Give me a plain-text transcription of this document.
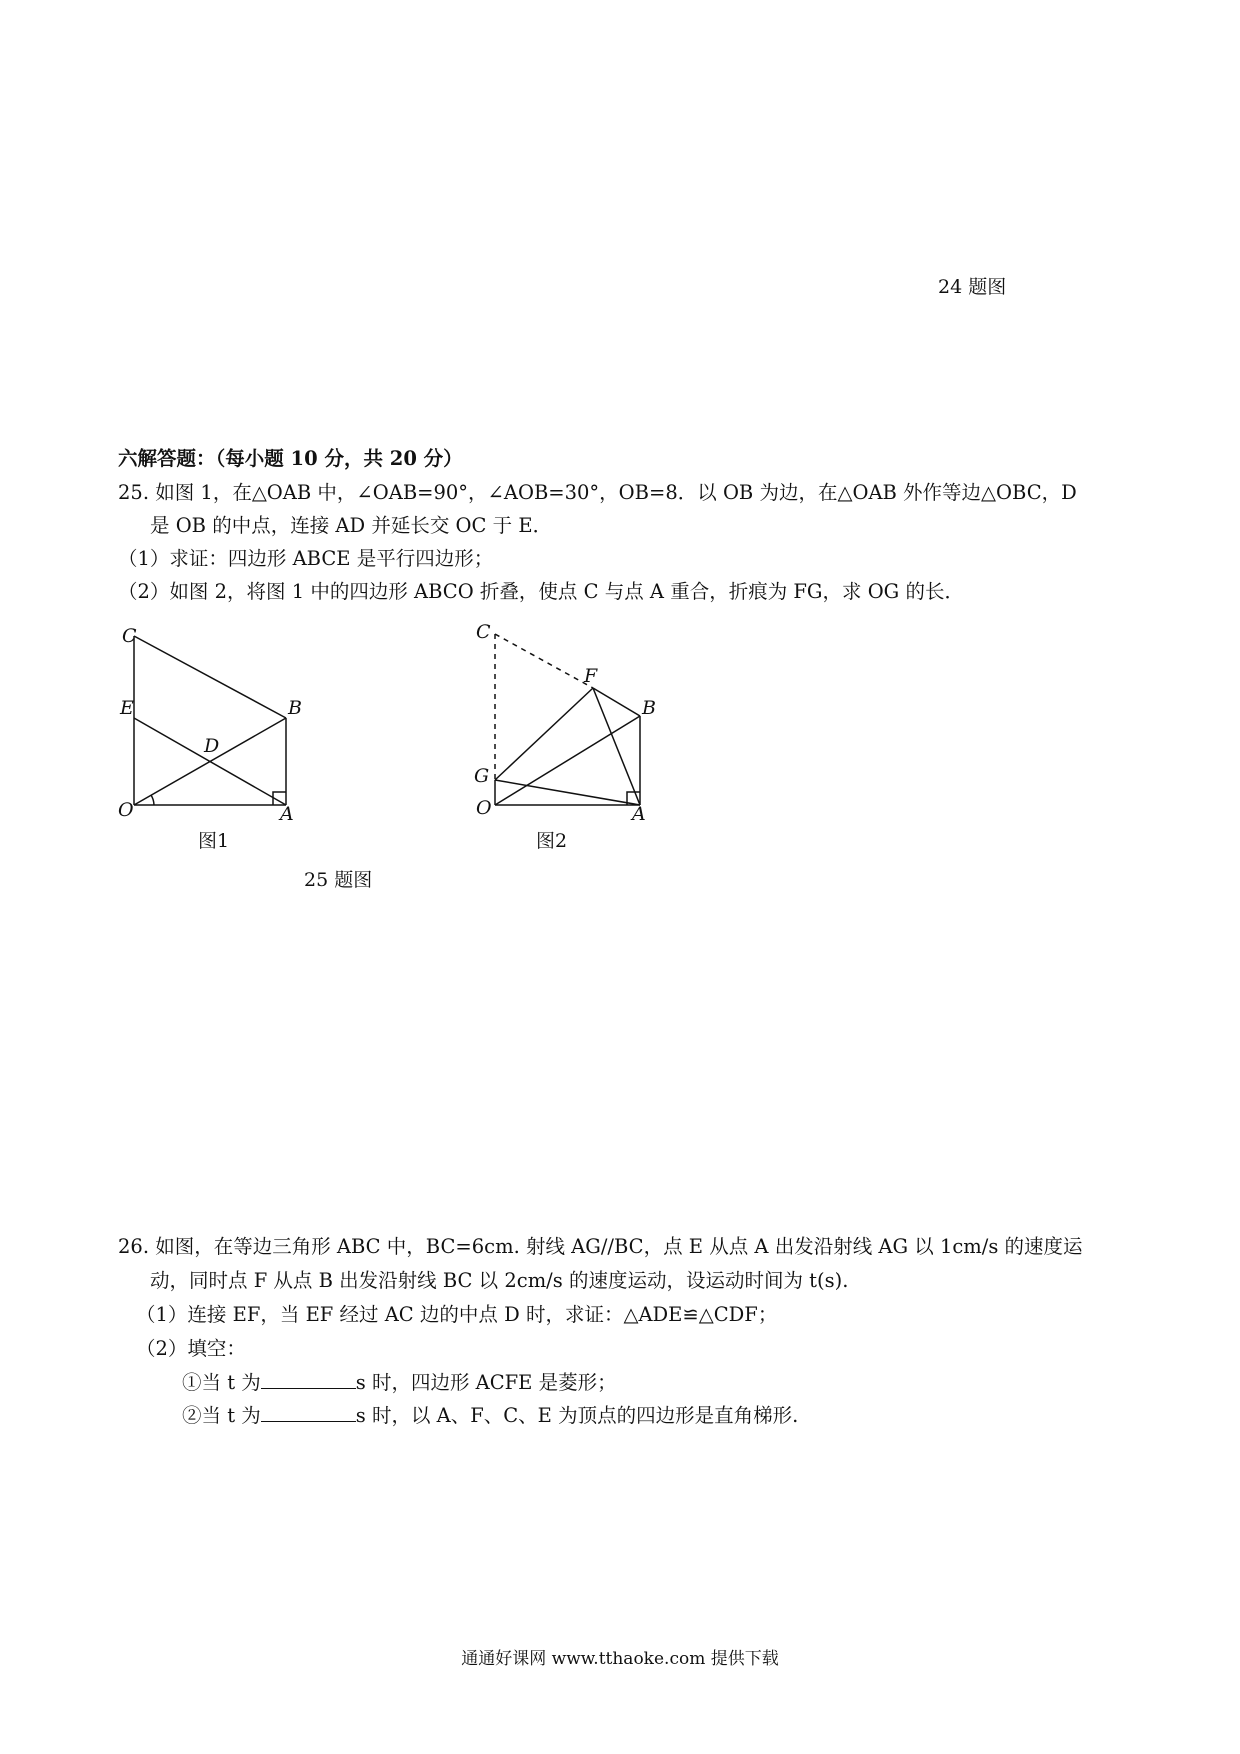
24 题图
六解答题：（每小题 10 分，共 20 分）
25. 如图 1，在△OAB 中，∠OAB=90°，∠AOB=30°，OB=8．以 OB 为边，在△OAB 外作等边△OBC，D
是 OB 的中点，连接 AD 并延长交 OC 于 E．
（1）求证：四边形 ABCE 是平行四边形；
（2）如图 2，将图 1 中的四边形 ABCO 折叠，使点 C 与点 A 重合，折痕为 FG，求 OG 的长．
C
E	B
D
O	A
图1
C
F
B
G
O	A
图2
25 题图
26. 如图，在等边三角形 ABC 中，BC=6cm. 射线 AG//BC，点 E 从点 A 出发沿射线 AG 以 1cm/s 的速度运
动，同时点 F 从点 B 出发沿射线 BC 以 2cm/s 的速度运动，设运动时间为 t(s).
（1）连接 EF，当 EF 经过 AC 边的中点 D 时，求证：△ADE≌△CDF；
（2）填空：
①当 t 为	s 时，四边形 ACFE 是菱形；
②当 t 为	s 时，以 A、F、C、E 为顶点的四边形是直角梯形.
通通好课网 www.tthaoke.com 提供下载
